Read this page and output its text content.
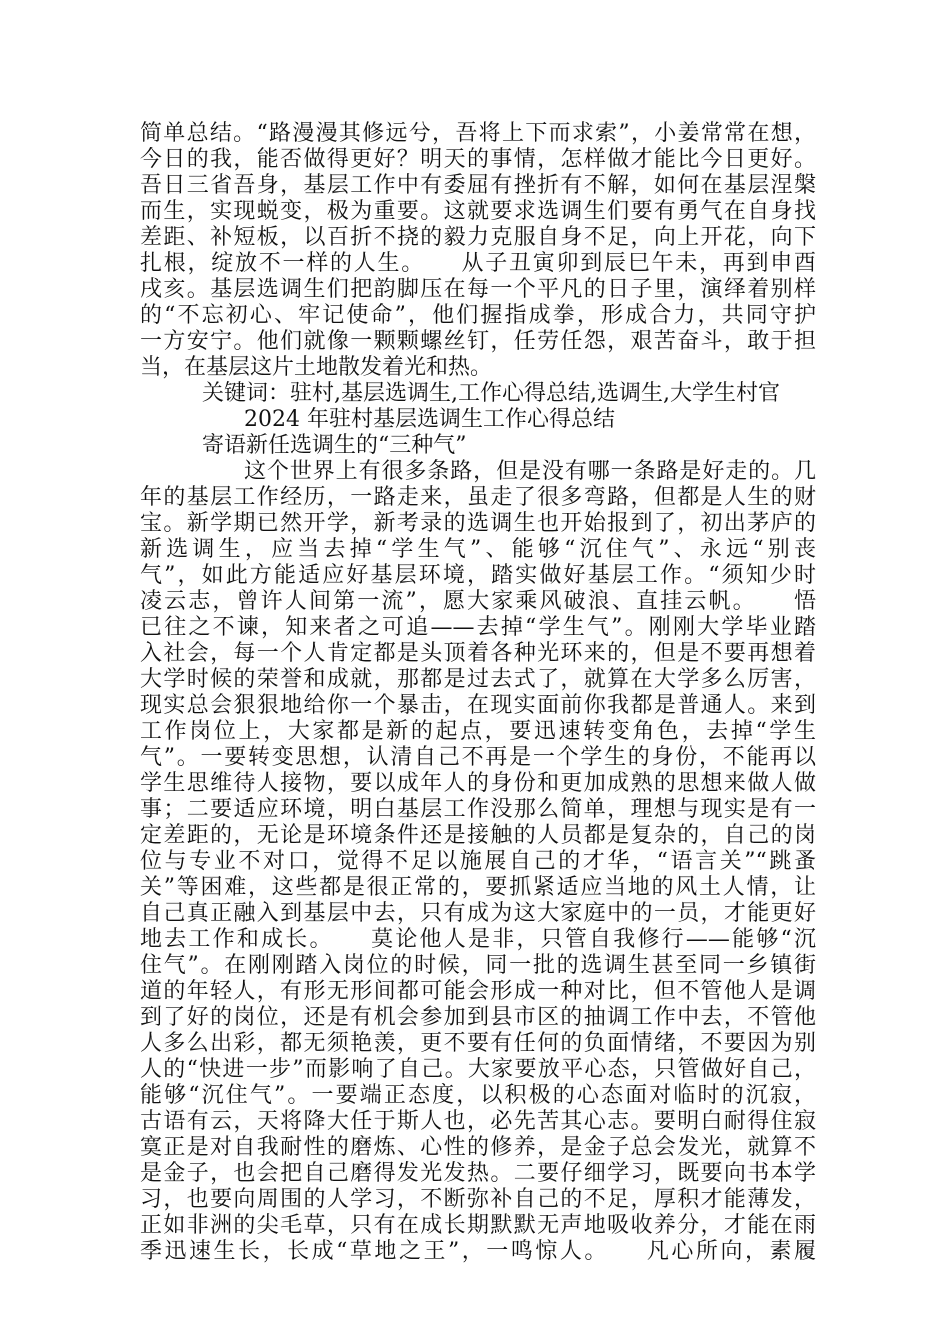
简单总结。“路漫漫其修远兮，吾将上下而求索”，小姜常常在想，
今日的我，能否做得更好？明天的事情，怎样做才能比今日更好。
吾日三省吾身，基层工作中有委屈有挫折有不解，如何在基层涅槃
而生，实现蜕变，极为重要。这就要求选调生们要有勇气在自身找
差距、补短板，以百折不挠的毅力克服自身不足，向上开花，向下
扎根，绽放不一样的人生。　　从子丑寅卯到辰巳午未，再到申酉
戌亥。基层选调生们把韵脚压在每一个平凡的日子里，演绎着别样
的“不忘初心、牢记使命”，他们握指成拳，形成合力，共同守护
一方安宁。他们就像一颗颗螺丝钉，任劳任怨，艰苦奋斗，敢于担
当，在基层这片土地散发着光和热。
关键词：驻村,基层选调生,工作心得总结,选调生,大学生村官
2024 年驻村基层选调生工作心得总结
寄语新任选调生的“三种气”
这个世界上有很多条路，但是没有哪一条路是好走的。几
年的基层工作经历，一路走来，虽走了很多弯路，但都是人生的财
宝。新学期已然开学，新考录的选调生也开始报到了，初出茅庐的
新选调生，应当去掉“学生气”、能够“沉住气”、永远“别丧
气”，如此方能适应好基层环境，踏实做好基层工作。“须知少时
凌云志，曾许人间第一流”，愿大家乘风破浪、直挂云帆。　　悟
已往之不谏，知来者之可追——去掉“学生气”。刚刚大学毕业踏
入社会，每一个人肯定都是头顶着各种光环来的，但是不要再想着
大学时候的荣誉和成就，那都是过去式了，就算在大学多么厉害，
现实总会狠狠地给你一个暴击，在现实面前你我都是普通人。来到
工作岗位上，大家都是新的起点，要迅速转变角色，去掉“学生
气”。一要转变思想，认清自己不再是一个学生的身份，不能再以
学生思维待人接物，要以成年人的身份和更加成熟的思想来做人做
事；二要适应环境，明白基层工作没那么简单，理想与现实是有一
定差距的，无论是环境条件还是接触的人员都是复杂的，自己的岗
位与专业不对口，觉得不足以施展自己的才华，“语言关”“跳蚤
关”等困难，这些都是很正常的，要抓紧适应当地的风土人情，让
自己真正融入到基层中去，只有成为这大家庭中的一员，才能更好
地去工作和成长。　　莫论他人是非，只管自我修行——能够“沉
住气”。在刚刚踏入岗位的时候，同一批的选调生甚至同一乡镇街
道的年轻人，有形无形间都可能会形成一种对比，但不管他人是调
到了好的岗位，还是有机会参加到县市区的抽调工作中去，不管他
人多么出彩，都无须艳羡，更不要有任何的负面情绪，不要因为别
人的“快进一步”而影响了自己。大家要放平心态，只管做好自己，
能够“沉住气”。一要端正态度，以积极的心态面对临时的沉寂，
古语有云，天将降大任于斯人也，必先苦其心志。要明白耐得住寂
寞正是对自我耐性的磨炼、心性的修养，是金子总会发光，就算不
是金子，也会把自己磨得发光发热。二要仔细学习，既要向书本学
习，也要向周围的人学习，不断弥补自己的不足，厚积才能薄发，
正如非洲的尖毛草，只有在成长期默默无声地吸收养分，才能在雨
季迅速生长，长成“草地之王”，一鸣惊人。　　凡心所向，素履
